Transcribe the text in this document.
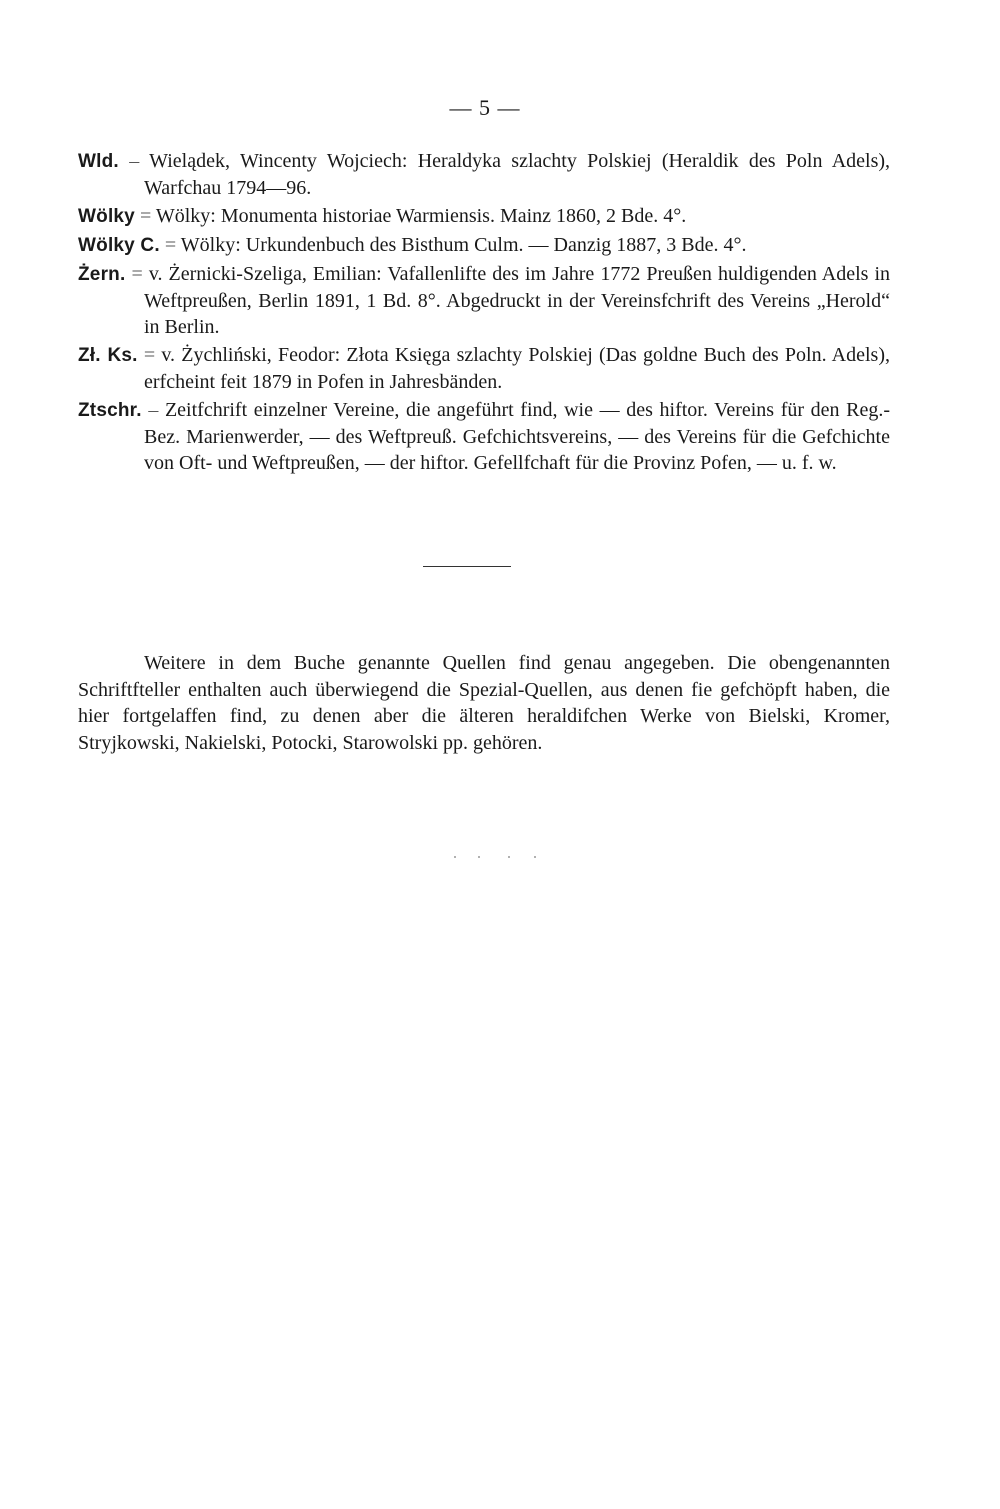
— 5 —
Wld. – Wielądek, Wincenty Wojciech: Heraldyka szlachty Polskiej (Heraldik des Poln Adels), Warfchau 1794—96.
Wölky = Wölky: Monumenta historiae Warmiensis. Mainz 1860, 2 Bde. 4°.
Wölky C. = Wölky: Urkundenbuch des Bisthum Culm. — Danzig 1887, 3 Bde. 4°.
Żern. = v. Żernicki-Szeliga, Emilian: Vafallenlifte des im Jahre 1772 Preußen huldigenden Adels in Weftpreußen, Berlin 1891, 1 Bd. 8°. Abgedruckt in der Vereinsfchrift des Vereins „Herold“ in Berlin.
Zł. Ks. = v. Żychliński, Feodor: Złota Księga szlachty Polskiej (Das goldne Buch des Poln. Adels), erfcheint feit 1879 in Pofen in Jahresbänden.
Ztschr. – Zeitfchrift einzelner Vereine, die angeführt find, wie — des hiftor. Vereins für den Reg.-Bez. Marienwerder, — des Weftpreuß. Gefchichtsvereins, — des Vereins für die Gefchichte von Oft- und Weftpreußen, — der hiftor. Gefellfchaft für die Provinz Pofen, — u. f. w.

Weitere in dem Buche genannte Quellen find genau angegeben. Die obengenannten Schriftfteller enthalten auch überwiegend die Spezial-Quellen, aus denen fie gefchöpft haben, die hier fortgelaffen find, zu denen aber die älteren heraldifchen Werke von Bielski, Kromer, Stryjkowski, Nakielski, Potocki, Starowolski pp. gehören.
